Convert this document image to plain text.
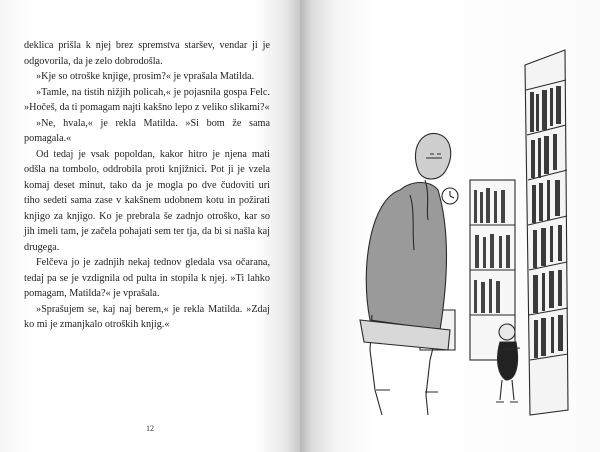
deklica prišla k njej brez spremstva staršev, vendar ji je odgovorila, da je zelo dobrodošla.

»Kje so otroške knjige, prosim?« je vprašala Matilda.

»Tamle, na tistih nižjih policah,« je pojasnila gospa Felc. »Hočeš, da ti pomagam najti kakšno lepo z veliko slikami?«

»Ne, hvala,« je rekla Matilda. »Si bom že sama pomagala.«

Od tedaj je vsak popoldan, kakor hitro je njena mati odšla na tombolo, oddrobila proti knjižnici. Pot ji je vzela komaj deset minut, tako da je mogla po dve čudoviti uri tiho sedeti sama zase v kakšnem udobnem kotu in požirati knjigo za knjigo. Ko je prebrala še zadnjo otroško, kar so jih imeli tam, je začela pohajati sem ter tja, da bi si našla kaj drugega.

Felčeva jo je zadnjih nekaj tednov gledala vsa očarana, tedaj pa se je vzdignila od pulta in stopila k njej. »Ti lahko pomagam, Matilda?« je vprašala.

»Sprašujem se, kaj naj berem,« je rekla Matilda. »Zdaj ko mi je zmanjkalo otroških knjig.«

12
